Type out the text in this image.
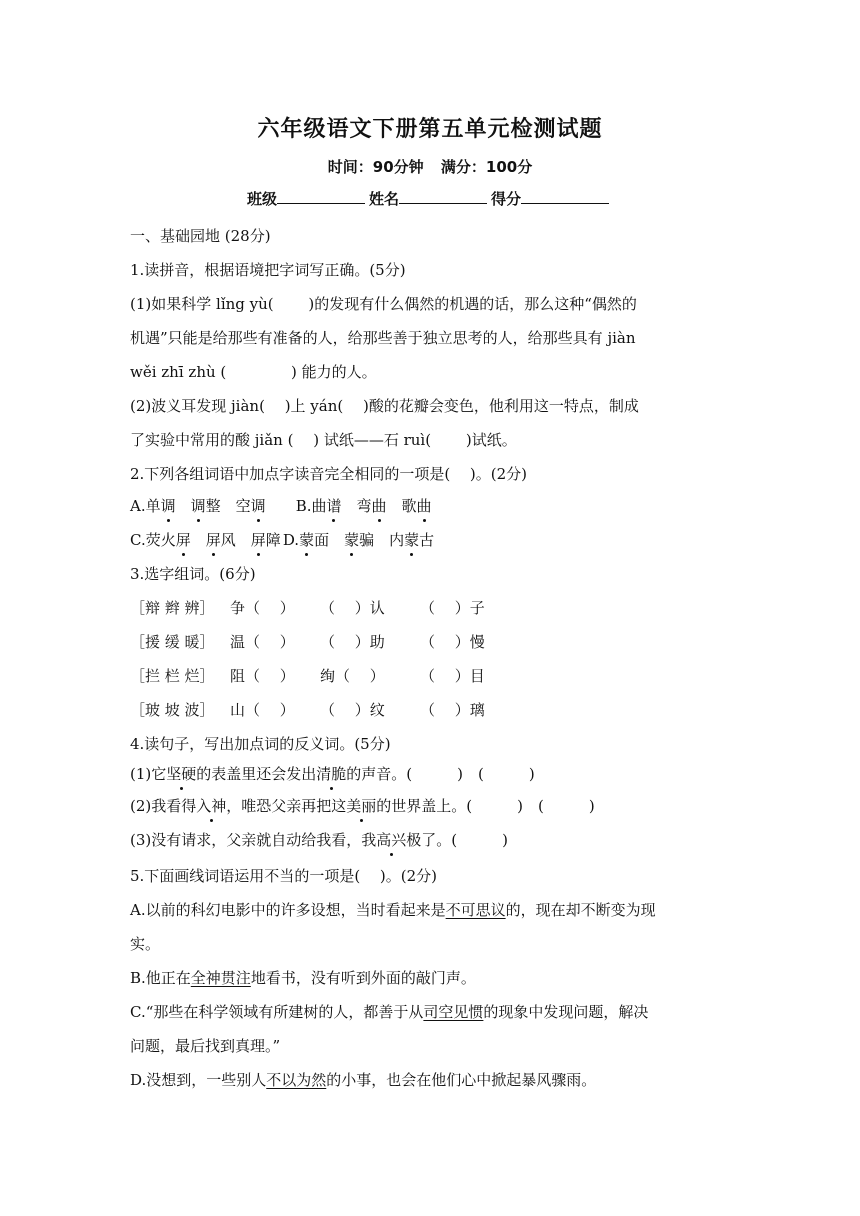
六年级语文下册第五单元检测试题
时间：90分钟 满分：100分
班级	姓名	得分
一、基础园地 (28分)
1.读拼音，根据语境把字词写正确。(5分)
(1)如果科学 lǐng yù(　　 )的发现有什么偶然的机遇的话，那么这种“偶然的
机遇”只能是给那些有准备的人，给那些善于独立思考的人，给那些具有 jiàn
wěi zhī zhù (　　　　 ) 能力的人。
(2)波义耳发现 jiàn(　 )上 yán(　 )酸的花瓣会变色，他利用这一特点，制成
了实验中常用的酸 jiǎn (　 ) 试纸——石 ruì(　　 )试纸。
2.下列各组词语中加点字读音完全相同的一项是(　 )。(2分)
A.单调　 调整　空调 B.曲谱　弯曲　歌曲
C.荧火屏　 屏风　屏障 D.蒙面　蒙骗　内蒙古
3.选字组词。(6分)
［辩 辫 辨］ 争（　 ） （　 ）认 （　 ）子
［援 缓 暖］ 温（　 ） （　 ）助 （　 ）慢
［拦 栏 烂］ 阻（　 ） 绚（　 ） （　 ）目
［玻 坡 波］ 山（　 ） （　 ）纹 （　 ）璃
4.读句子，写出加点词的反义词。(5分)
(1)它坚硬的表盖里还会发出清脆的声音。(　　　)　(　　　)
(2)我看得入神，唯恐父亲再把这美丽的世界盖上。(　　　)　(　　　)
(3)没有请求，父亲就自动给我看，我高兴极了。(　　　)
5.下面画线词语运用不当的一项是(　 )。(2分)
A.以前的科幻电影中的许多设想，当时看起来是不可思议的，现在却不断变为现
实。
B.他正在全神贯注地看书，没有听到外面的敲门声。
C.“那些在科学领域有所建树的人，都善于从司空见惯的现象中发现问题，解决
问题，最后找到真理。”
D.没想到，一些别人不以为然的小事，也会在他们心中掀起暴风骤雨。
